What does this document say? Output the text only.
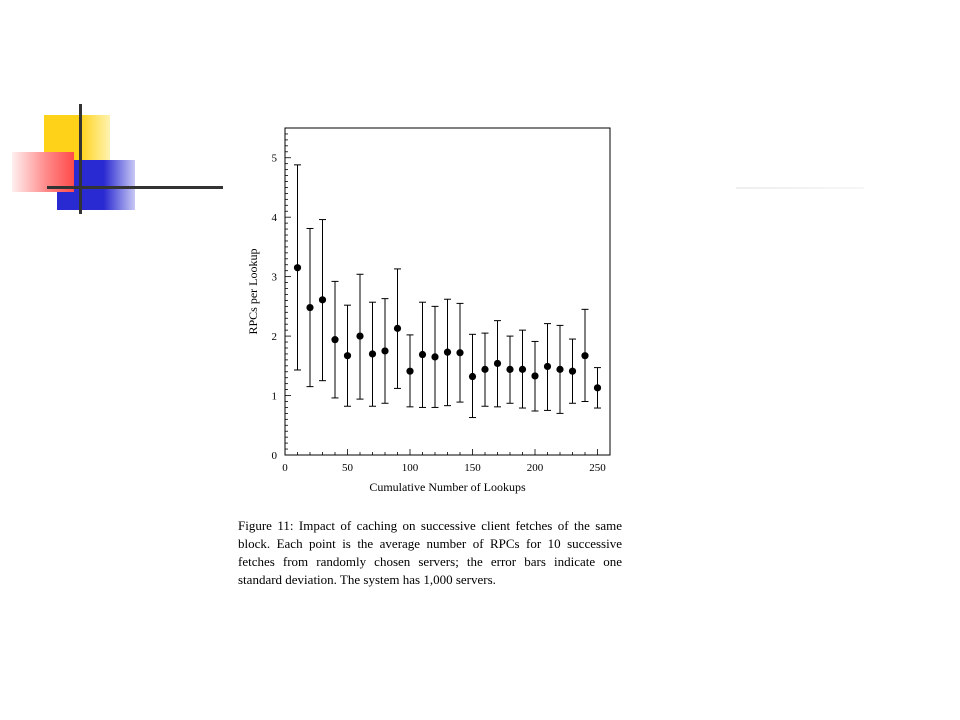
0
1
2
3
4
5
0	50	100	150	200	250
Cumulative Number of Lookups
RPCs per Lookup
Figure 11: Impact of caching on successive client fetches of the same block. Each point is the average number of RPCs for 10 successive fetches from randomly chosen servers; the error bars indicate one standard deviation. The system has 1,000 servers.
